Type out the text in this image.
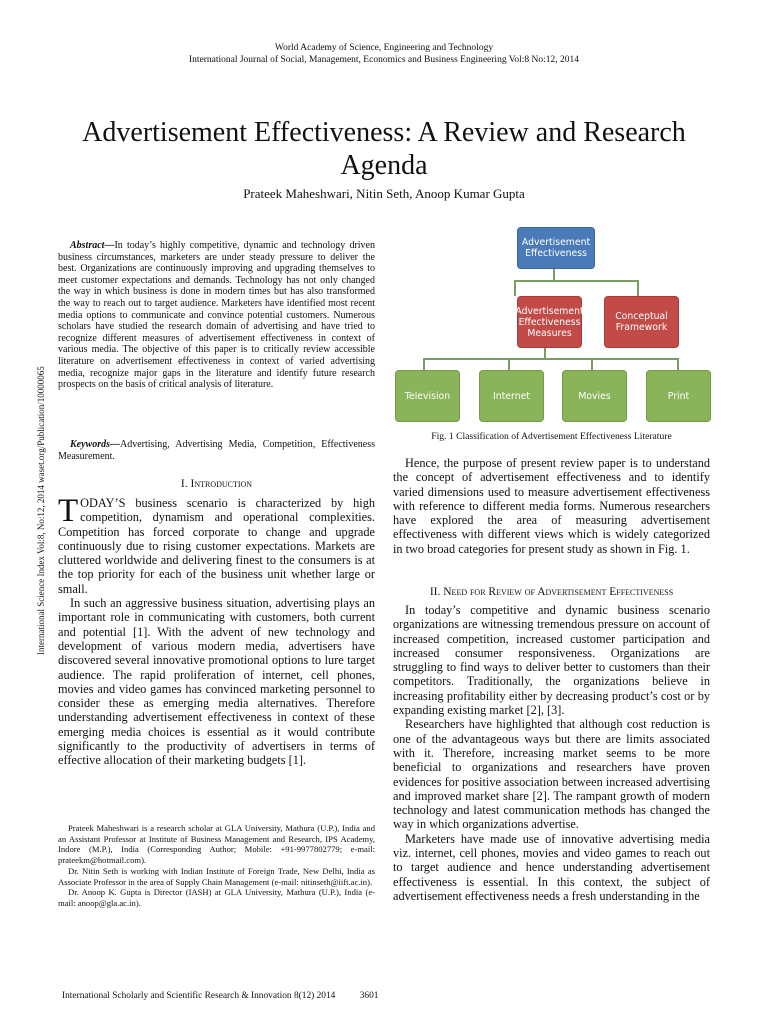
World Academy of Science, Engineering and Technology
International Journal of Social, Management, Economics and Business Engineering Vol:8 No:12, 2014
Advertisement Effectiveness: A Review and Research Agenda
Prateek Maheshwari, Nitin Seth, Anoop Kumar Gupta
International Science Index Vol:8, No:12, 2014 waset.org/Publication/10000065

Abstract—In today’s highly competitive, dynamic and technology driven business circumstances, marketers are under steady pressure to deliver the best. Organizations are continuously improving and upgrading themselves to meet customer expectations and demands. Technology has not only changed the way in which business is done in modern times but has also transformed the way to reach out to target audience. Marketers have identified most recent media options to communicate and convince potential customers. Numerous scholars have studied the research domain of advertising and have tried to recognize different measures of advertisement effectiveness in context of various media. The objective of this paper is to critically review accessible literature on advertisement effectiveness in context of varied advertising media, recognize major gaps in the literature and identify future research prospects on the basis of critical analysis of literature.

Keywords—Advertising, Advertising Media, Competition, Effectiveness Measurement.

I. Introduction

TODAY’S business scenario is characterized by high competition, dynamism and operational complexities. Competition has forced corporate to change and upgrade continuously due to rising customer expectations. Markets are cluttered worldwide and delivering finest to the consumers is at the top priority for each of the business unit whether large or small.

In such an aggressive business situation, advertising plays an important role in communicating with customers, both current and potential [1]. With the advent of new technology and development of various modern media, advertisers have discovered several innovative promotional options to lure target audience. The rapid proliferation of internet, cell phones, movies and video games has convinced marketing personnel to consider these as emerging media alternatives. Therefore understanding advertisement effectiveness in context of these emerging media choices is essential as it would contribute significantly to the productivity of advertisers in terms of effective allocation of their marketing budgets [1].

Prateek Maheshwari is a research scholar at GLA University, Mathura (U.P.), India and an Assistant Professor at Institute of Business Management and Research, IPS Academy, Indore (M.P.), India (Corresponding Author; Mobile: +91-9977802779; e-mail: prateekm@hotmail.com).

Dr. Nitin Seth is working with Indian Institute of Foreign Trade, New Delhi, India as Associate Professor in the area of Supply Chain Management (e-mail: nitinseth@iift.ac.in).

Dr. Anoop K. Gupta is Director (IASH) at GLA University, Mathura (U.P.), India (e-mail: anoop@gla.ac.in).

Advertisement Effectiveness
Advertisement Effectiveness Measures
Conceptual Framework
Television	Internet	Movies	Print
Fig. 1 Classification of Advertisement Effectiveness Literature

Hence, the purpose of present review paper is to understand the concept of advertisement effectiveness and to identify varied dimensions used to measure advertisement effectiveness with reference to different media forms. Numerous researchers have explored the area of measuring advertisement effectiveness with different views which is widely categorized in two broad categories for present study as shown in Fig. 1.

II. Need for Review of Advertisement Effectiveness

In today’s competitive and dynamic business scenario organizations are witnessing tremendous pressure on account of increased competition, increased customer participation and increased consumer responsiveness. Organizations are struggling to find ways to deliver better to customers than their competitors. Traditionally, the organizations believe in increasing profitability either by decreasing product’s cost or by expanding existing market [2], [3].

Researchers have highlighted that although cost reduction is one of the advantageous ways but there are limits associated with it. Therefore, increasing market seems to be more beneficial to organizations and researchers have proven evidences for positive association between increased advertising and improved market share [2]. The rampant growth of modern technology and latest communication methods has changed the way in which organizations advertise.

Marketers have made use of innovative advertising media viz. internet, cell phones, movies and video games to reach out to target audience and hence understanding advertisement effectiveness is essential. In this context, the subject of advertisement effectiveness needs a fresh understanding in the

International Scholarly and Scientific Research & Innovation 8(12) 2014	3601
